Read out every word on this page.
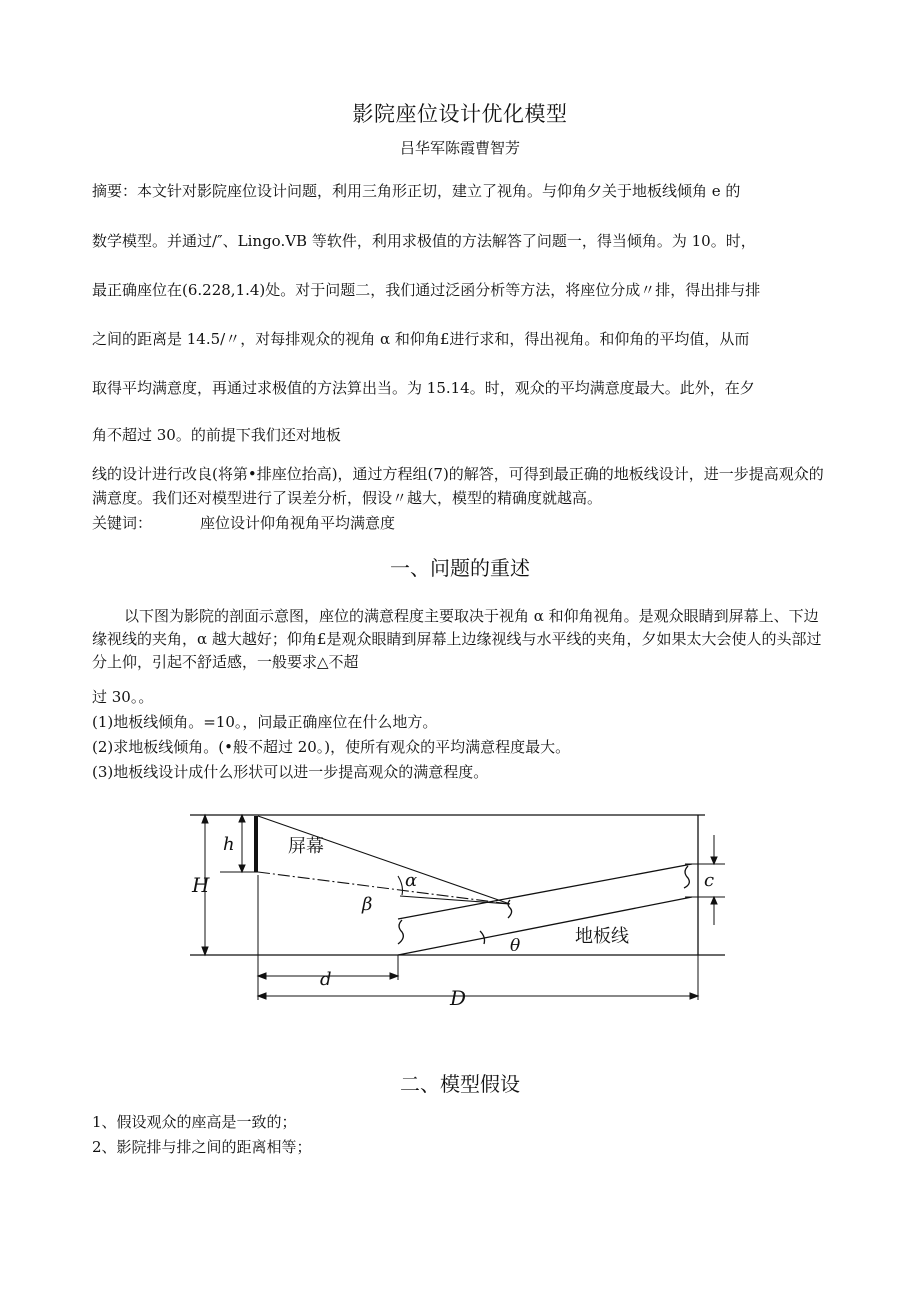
影院座位设计优化模型
吕华军陈霞曹智芳
摘要：本文针对影院座位设计问题，利用三角形正切，建立了视角。与仰角夕关于地板线倾角 e 的
数学模型。并通过/″、Lingo.VB 等软件，利用求极值的方法解答了问题一，得当倾角。为 10。时，
最正确座位在(6.228,1.4)处。对于问题二，我们通过泛函分析等方法，将座位分成〃排，得出排与排
之间的距离是 14.5/〃，对每排观众的视角 α 和仰角£进行求和，得出视角。和仰角的平均值，从而
取得平均满意度，再通过求极值的方法算出当。为 15.14。时，观众的平均满意度最大。此外，在夕
角不超过 30。的前提下我们还对地板
线的设计进行改良(将第•排座位抬高)，通过方程组(7)的解答，可得到最正确的地板线设计，进一步提高观众的满意度。我们还对模型进行了误差分析，假设〃越大，模型的精确度就越高。
关键词：	座位设计仰角视角平均满意度
一、问题的重述
以下图为影院的剖面示意图，座位的满意程度主要取决于视角 α 和仰角视角。是观众眼睛到屏幕上、下边缘视线的夹角，α 越大越好；仰角£是观众眼睛到屏幕上边缘视线与水平线的夹角，夕如果太大会使人的头部过分上仰，引起不舒适感，一般要求△不超
过 30。。
(1)地板线倾角。=10。，问最正确座位在什么地方。
(2)求地板线倾角。(•般不超过 20。)，使所有观众的平均满意程度最大。
(3)地板线设计成什么形状可以进一步提高观众的满意程度。
h
H	α
β
θ
c
d
D
屏幕
地板线
二、模型假设
1、假设观众的座高是一致的；
2、影院排与排之间的距离相等；
